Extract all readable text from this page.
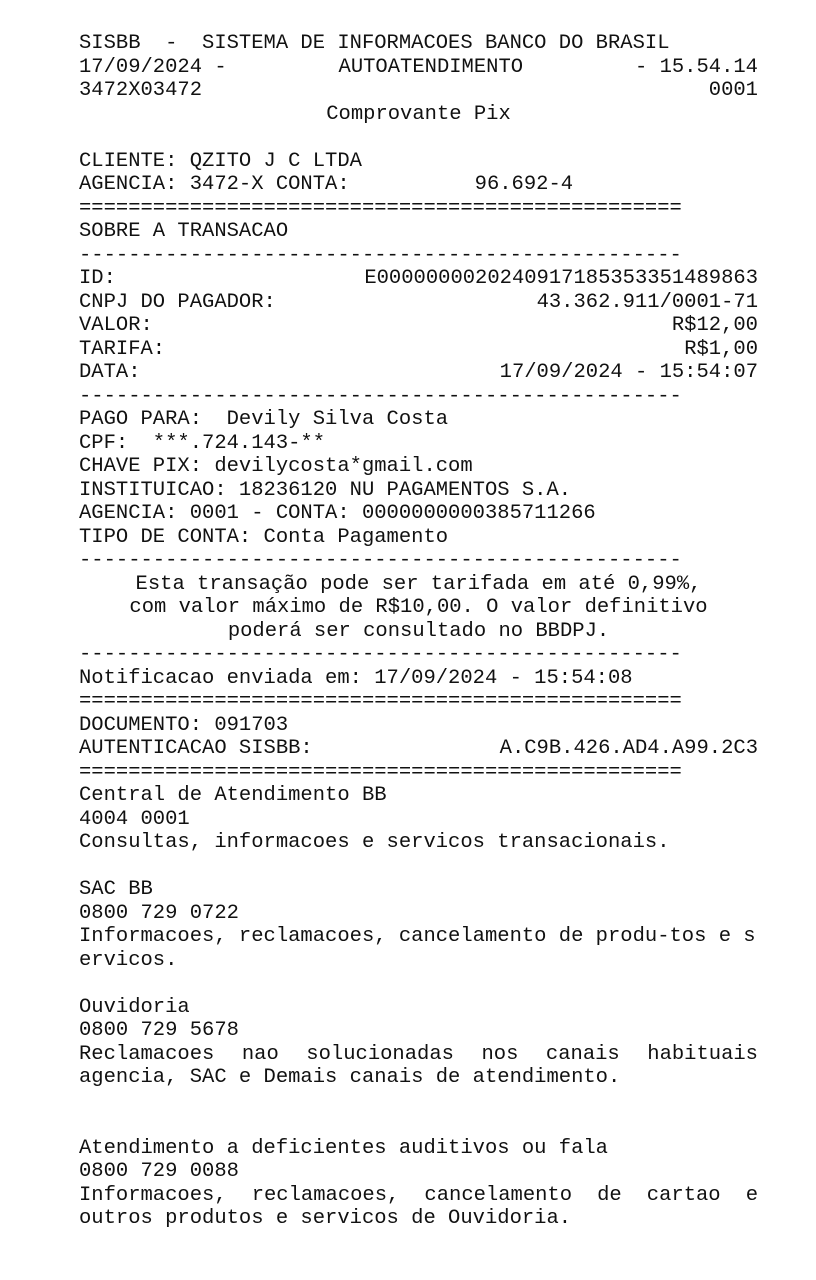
SISBB  -  SISTEMA DE INFORMACOES BANCO DO BRASIL
17/09/2024 -	AUTOATENDIMENTO	- 15.54.14
3472X03472	0001
Comprovante Pix
CLIENTE: QZITO J C LTDA
AGENCIA: 3472-X CONTA:	96.692-4
=================================================
SOBRE A TRANSACAO
-------------------------------------------------
ID:	E0000000020240917185353351489863
CNPJ DO PAGADOR:	43.362.911/0001-71
VALOR:	R$12,00
TARIFA:	R$1,00
DATA:	17/09/2024 - 15:54:07
-------------------------------------------------
PAGO PARA:  Devily Silva Costa
CPF:  ***.724.143-**
CHAVE PIX: devilycosta*gmail.com
INSTITUICAO: 18236120 NU PAGAMENTOS S.A.
AGENCIA: 0001 - CONTA: 0000000000385711266
TIPO DE CONTA: Conta Pagamento
-------------------------------------------------
Esta transação pode ser tarifada em até 0,99%,
com valor máximo de R$10,00. O valor definitivo
poderá ser consultado no BBDPJ.
-------------------------------------------------
Notificacao enviada em: 17/09/2024 - 15:54:08
=================================================
DOCUMENTO: 091703
AUTENTICACAO SISBB:	A.C9B.426.AD4.A99.2C3
=================================================
Central de Atendimento BB
4004 0001
Consultas, informacoes e servicos transacionais.
SAC BB
0800 729 0722
Informacoes, reclamacoes, cancelamento de produ-tos e servicos.
Ouvidoria
0800 729 5678
Reclamacoes nao solucionadas nos canais habituais agencia, SAC e Demais canais de atendimento.
Atendimento a deficientes auditivos ou fala
0800 729 0088
Informacoes, reclamacoes, cancelamento de cartao e outros produtos e servicos de Ouvidoria.
